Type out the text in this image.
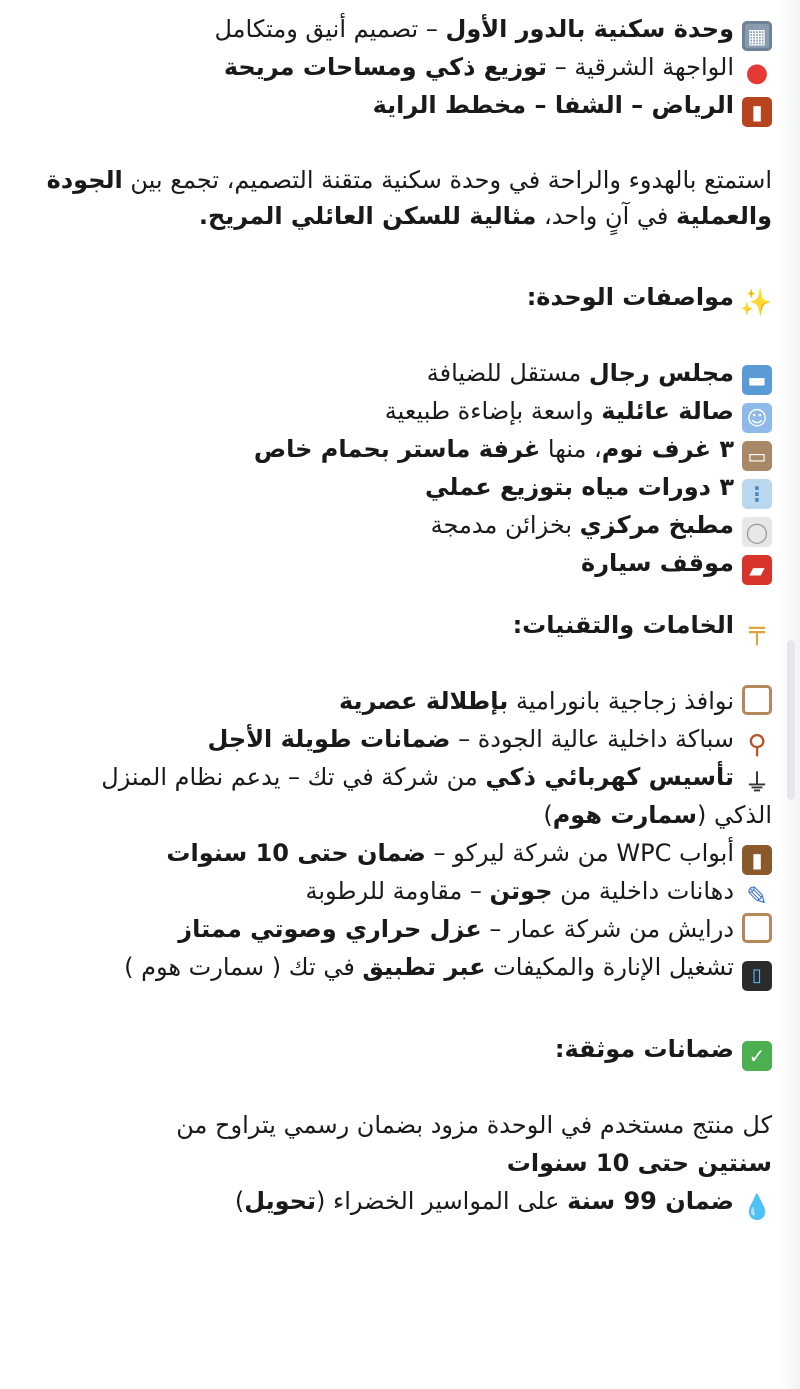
▦وحدة سكنية بالدور الأول – تصميم أنيق ومتكامل
●الواجهة الشرقية – توزيع ذكي ومساحات مريحة
▮الرياض – الشفا – مخطط الراية
استمتع بالهدوء والراحة في وحدة سكنية متقنة التصميم، تجمع بين الجودة والعملية في آنٍ واحد، مثالية للسكن العائلي المريح.
✨مواصفات الوحدة:
▬مجلس رجال مستقل للضيافة
☺صالة عائلية واسعة بإضاءة طبيعية
▭٣ غرف نوم، منها غرفة ماستر بحمام خاص
⋮٣ دورات مياه بتوزيع عملي
◯مطبخ مركزي بخزائن مدمجة
▰موقف سيارة
╤الخامات والتقنيات:
نوافذ زجاجية بانورامية بإطلالة عصرية
⚲سباكة داخلية عالية الجودة – ضمانات طويلة الأجل
⏚تأسيس كهربائي ذكي من شركة في تك – يدعم نظام المنزل
الذكي (سمارت هوم)
▮أبواب WPC من شركة ليركو – ضمان حتى 10 سنوات
✎دهانات داخلية من جوتن – مقاومة للرطوبة
درايش من شركة عمار – عزل حراري وصوتي ممتاز
▯تشغيل الإنارة والمكيفات عبر تطبيق في تك ( سمارت هوم )
✓ضمانات موثقة:
كل منتج مستخدم في الوحدة مزود بضمان رسمي يتراوح من
سنتين حتى 10 سنوات
💧ضمان 99 سنة على المواسير الخضراء (تحويل)
